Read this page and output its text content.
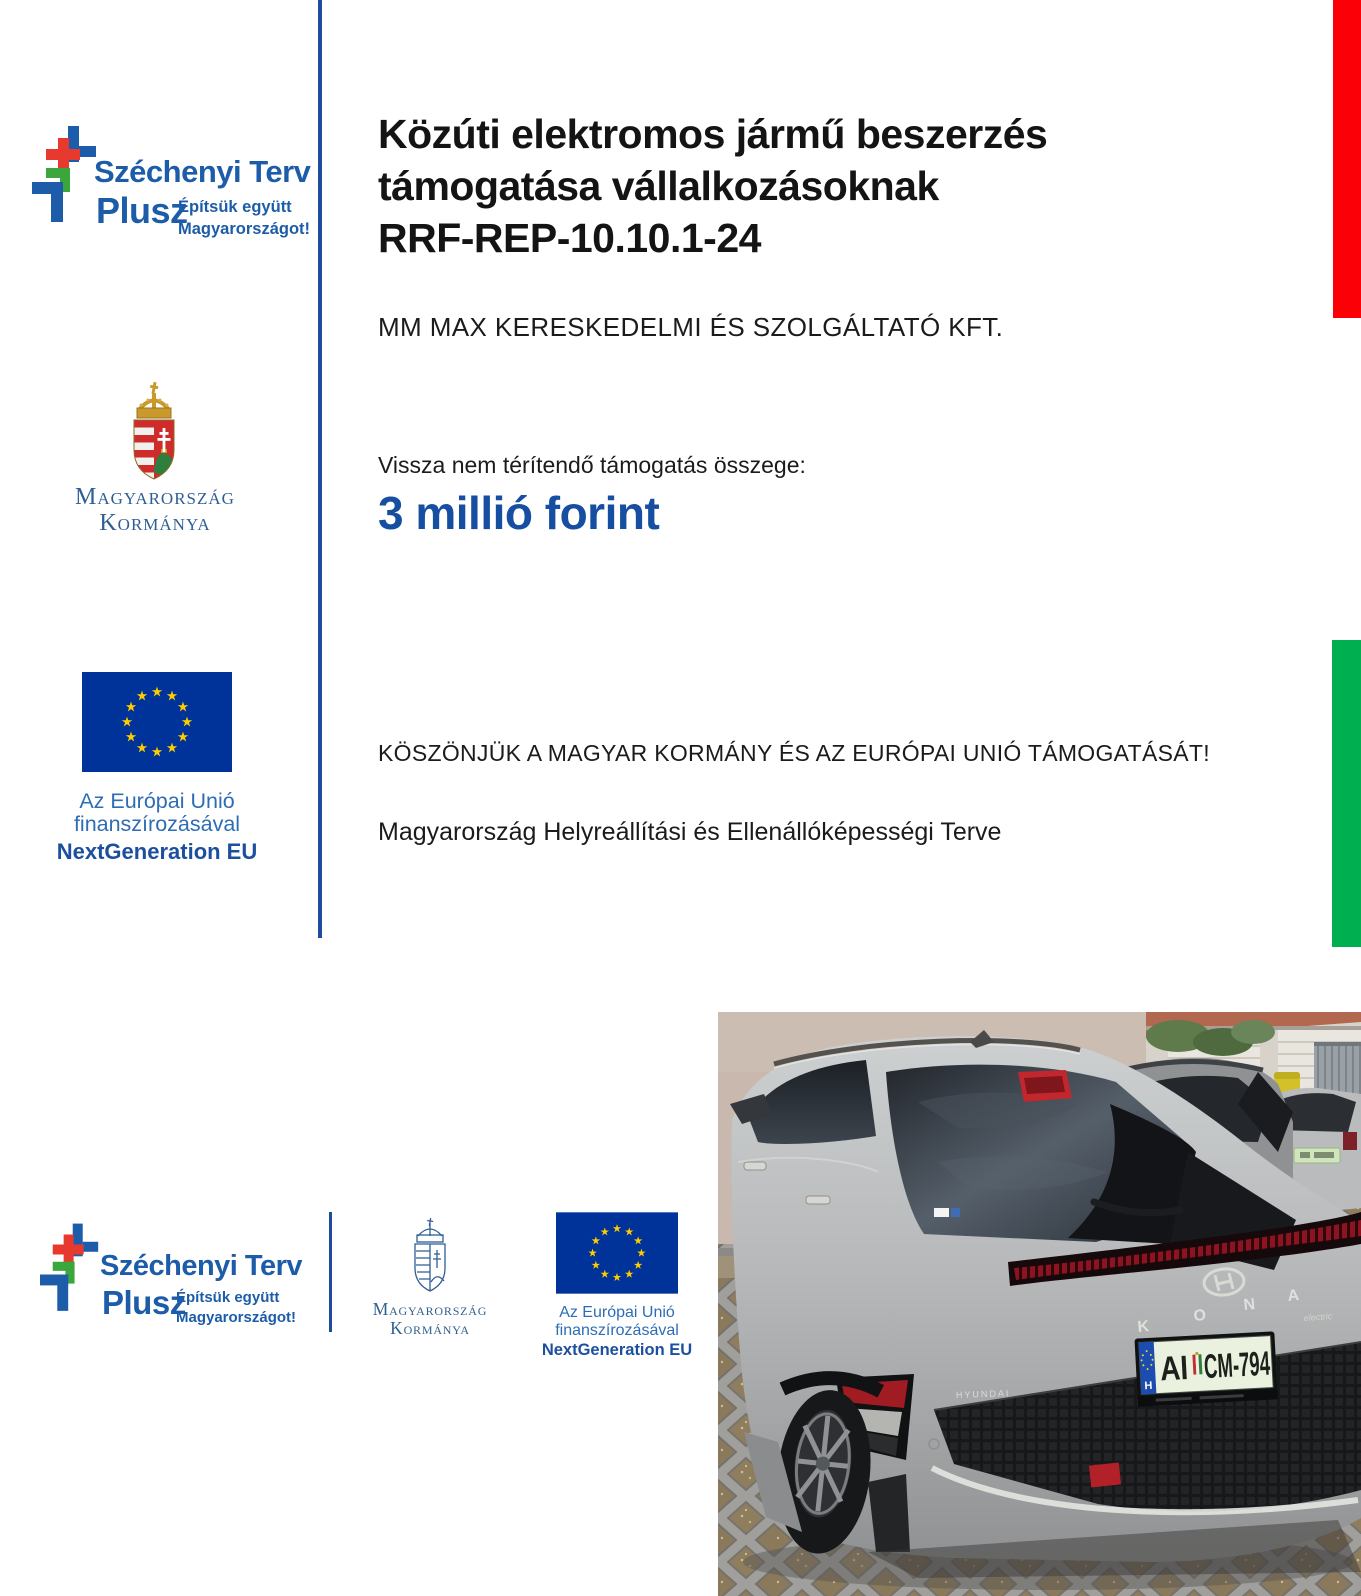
Széchenyi Terv
Plusz
Építsük együtt
Magyarországot!
Magyarország
Kormánya
Az Európai Unió
finanszírozásával
NextGeneration EU
Közúti elektromos jármű beszerzés
támogatása vállalkozásoknak
RRF-REP-10.10.1-24
MM MAX KERESKEDELMI ÉS SZOLGÁLTATÓ KFT.
Vissza nem térítendő támogatás összege:
3 millió forint
KÖSZÖNJÜK A MAGYAR KORMÁNY ÉS AZ EURÓPAI UNIÓ TÁMOGATÁSÁT!
Magyarország Helyreállítási és Ellenállóképességi Terve
Széchenyi Terv
Plusz
Építsük együtt
Magyarországot!	Magyarország
Kormánya
Az Európai Unió
finanszírozásával
NextGeneration EU
HYUNDAI
K
O
N
A
electric
H AI CM-794
